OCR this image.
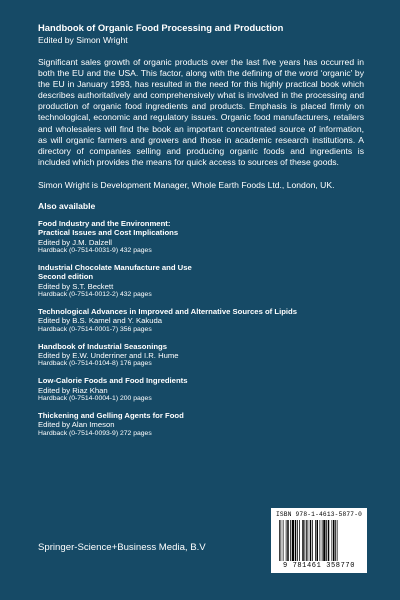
Handbook of Organic Food Processing and Production

Edited by Simon Wright

Significant sales growth of organic products over the last five years has occurred in both the EU and the USA. This factor, along with the defining of the word ‘organic’ by the EU in January 1993, has resulted in the need for this highly practical book which describes authoritatively and comprehensively what is involved in the processing and production of organic food ingredients and products. Emphasis is placed firmly on technological, economic and regulatory issues. Organic food manufacturers, retailers and wholesalers will find the book an important concentrated source of information, as will organic farmers and growers and those in academic research institutions. A directory of companies selling and producing organic foods and ingredients is included which provides the means for quick access to sources of these goods.

Simon Wright is Development Manager, Whole Earth Foods Ltd., London, UK.

Also available

Food Industry and the Environment:
Practical Issues and Cost Implications
Edited by J.M. Dalzell
Hardback (0-7514-0031-9) 432 pages
Industrial Chocolate Manufacture and Use
Second edition
Edited by S.T. Beckett
Hardback (0-7514-0012-2) 432 pages
Technological Advances in Improved and Alternative Sources of Lipids
Edited by B.S. Kamel and Y. Kakuda
Hardback (0-7514-0001-7) 356 pages
Handbook of Industrial Seasonings
Edited by E.W. Underriner and I.R. Hume
Hardback (0-7514-0104-8) 176 pages
Low-Calorie Foods and Food Ingredients
Edited by Riaz Khan
Hardback (0-7514-0004-1) 200 pages
Thickening and Gelling Agents for Food
Edited by Alan Imeson
Hardback (0-7514-0093-9) 272 pages
Springer-Science+Business Media, B.V
ISBN 978-1-4613-5877-0
9 781461 358770
